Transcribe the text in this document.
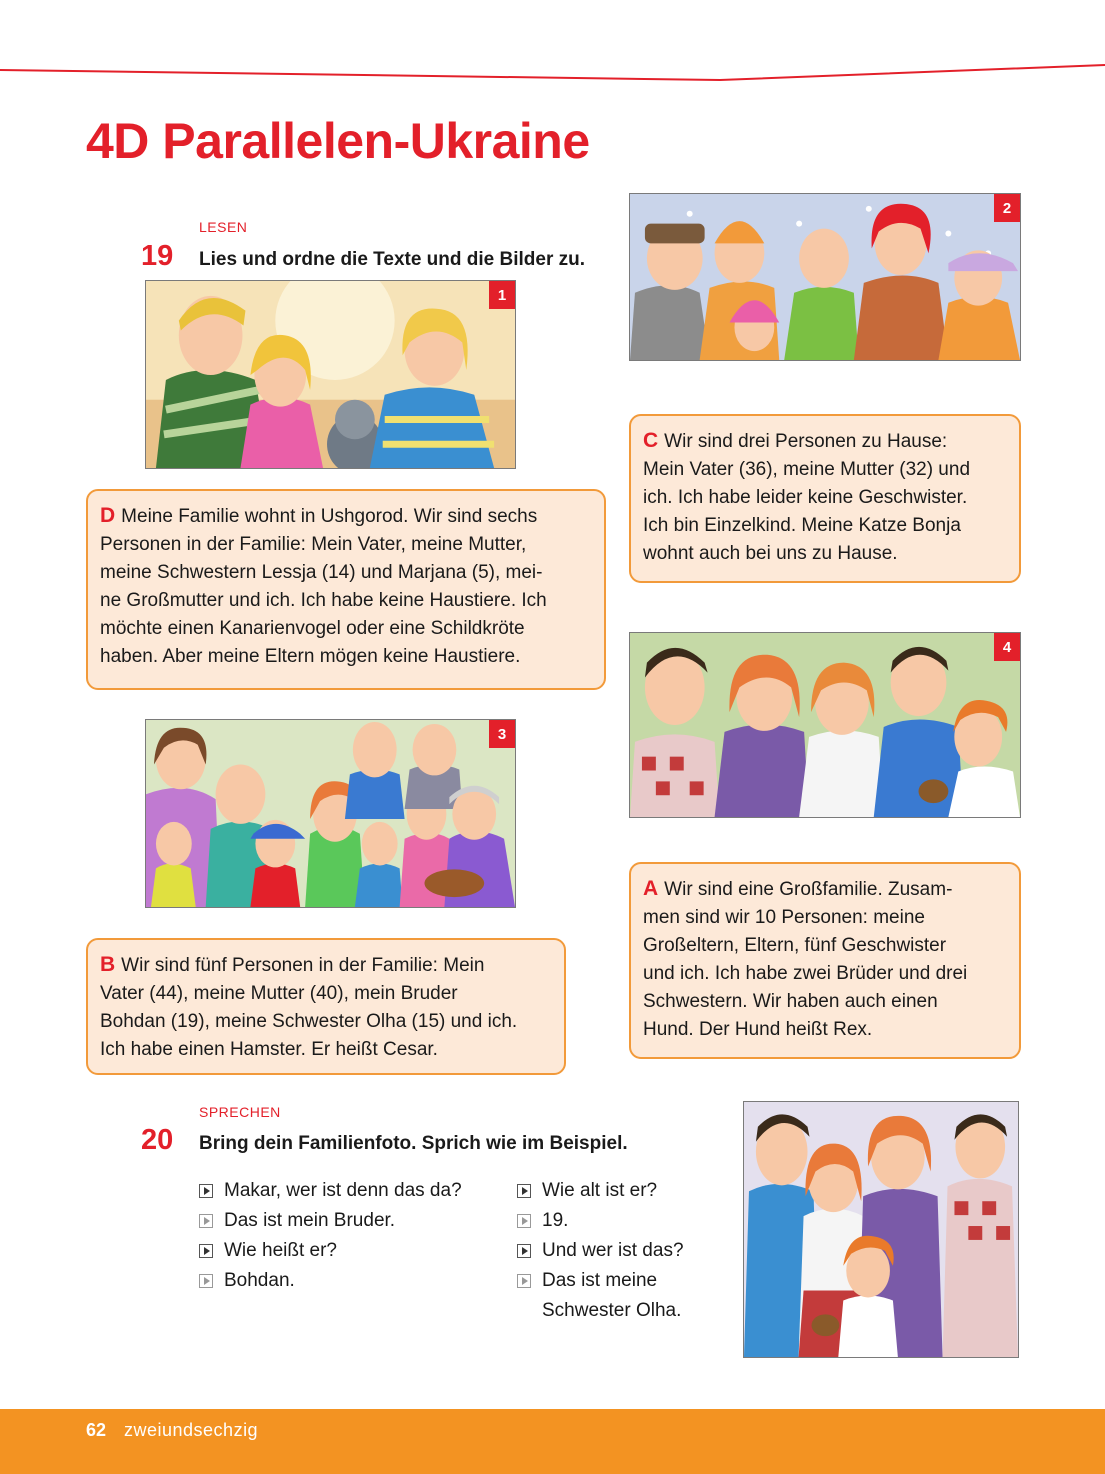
4D Parallelen-Ukraine
LESEN
19 Lies und ordne die Texte und die Bilder zu.
1
2
C Wir sind drei Personen zu Hause:
Mein Vater (36), meine Mutter (32) und
ich. Ich habe leider keine Geschwister.
Ich bin Einzelkind. Meine Katze Bonja
wohnt auch bei uns zu Hause.
D Meine Familie wohnt in Ushgorod. Wir sind sechs
Personen in der Familie: Mein Vater, meine Mutter,
meine Schwestern Lessja (14) und Marjana (5), mei-
ne Großmutter und ich. Ich habe keine Haustiere. Ich
möchte einen Kanarienvogel oder eine Schildkröte
haben. Aber meine Eltern mögen keine Haustiere.	4
3
A Wir sind eine Großfamilie. Zusam-
men sind wir 10 Personen: meine
Großeltern, Eltern, fünf Geschwister
und ich. Ich habe zwei Brüder und drei
Schwestern. Wir haben auch einen
Hund. Der Hund heißt Rex.
B Wir sind fünf Personen in der Familie: Mein
Vater (44), meine Mutter (40), mein Bruder
Bohdan (19), meine Schwester Olha (15) und ich.
Ich habe einen Hamster. Er heißt Cesar.
SPRECHEN
20 Bring dein Familienfoto. Sprich wie im Beispiel.
Makar, wer ist denn das da?
Das ist mein Bruder.
Wie heißt er?
Bohdan.
Wie alt ist er?
19.
Und wer ist das?
Das ist meine
Schwester Olha.
62 zweiundsechzig
